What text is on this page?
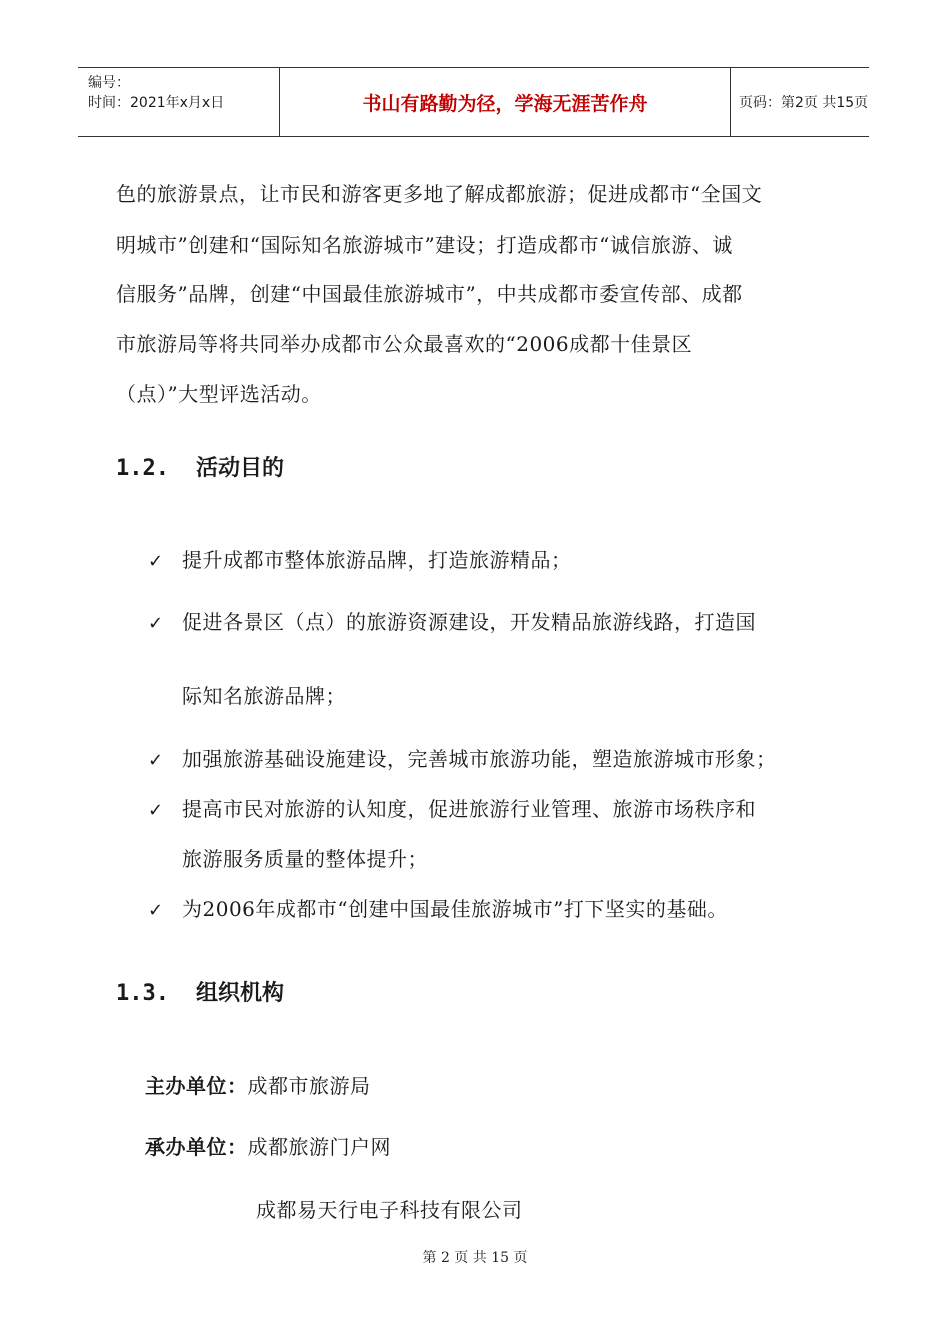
编号：
时间：2021年x月x日	书山有路勤为径，学海无涯苦作舟	页码：第2页 共15页
色的旅游景点，让市民和游客更多地了解成都旅游；促进成都市“全国文
明城市”创建和“国际知名旅游城市”建设；打造成都市“诚信旅游、诚
信服务”品牌，创建“中国最佳旅游城市”，中共成都市委宣传部、成都
市旅游局等将共同举办成都市公众最喜欢的“2006成都十佳景区
（点）”大型评选活动。
1.2. 活动目的
✓ 提升成都市整体旅游品牌，打造旅游精品；
✓ 促进各景区（点）的旅游资源建设，开发精品旅游线路，打造国
际知名旅游品牌；
✓ 加强旅游基础设施建设，完善城市旅游功能，塑造旅游城市形象；
✓ 提高市民对旅游的认知度，促进旅游行业管理、旅游市场秩序和
旅游服务质量的整体提升；
✓ 为2006年成都市“创建中国最佳旅游城市”打下坚实的基础。
1.3. 组织机构
主办单位：成都市旅游局
承办单位：成都旅游门户网
成都易天行电子科技有限公司
第 2 页 共 15 页
